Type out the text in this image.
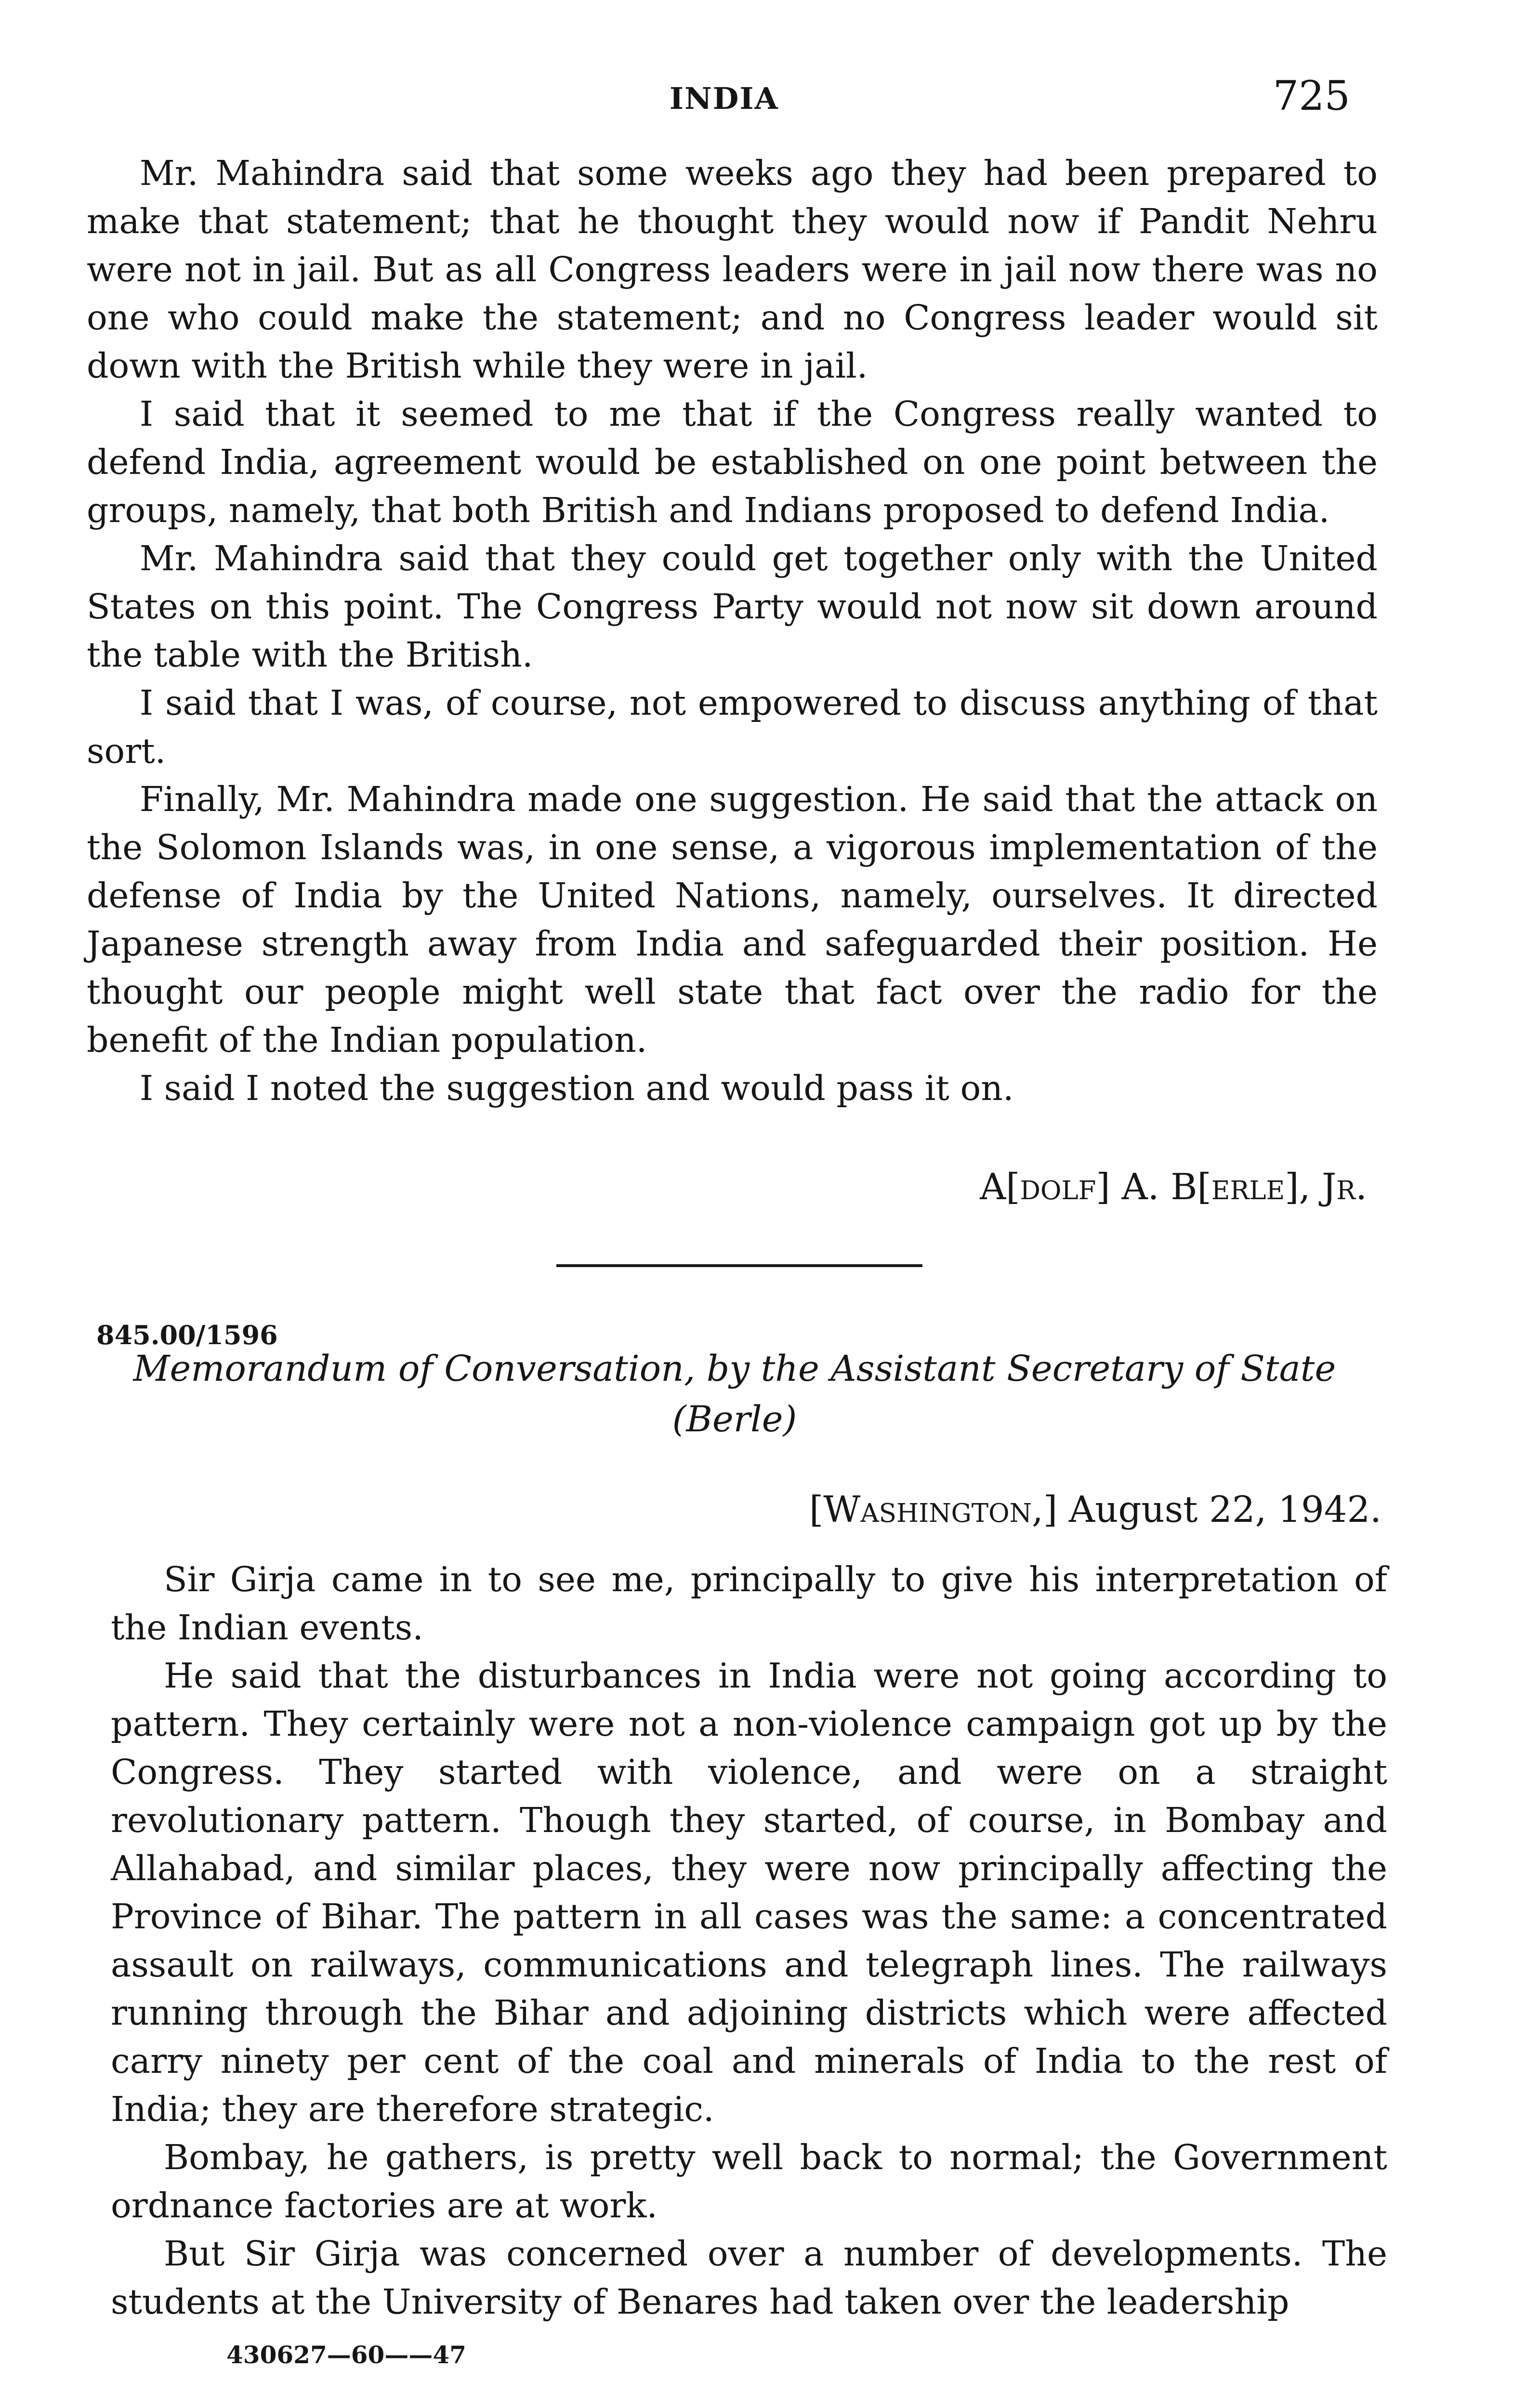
INDIA	725

Mr. Mahindra said that some weeks ago they had been prepared to make that statement; that he thought they would now if Pandit Nehru were not in jail. But as all Congress leaders were in jail now there was no one who could make the statement; and no Congress leader would sit down with the British while they were in jail.

I said that it seemed to me that if the Congress really wanted to defend India, agreement would be established on one point between the groups, namely, that both British and Indians proposed to defend India.

Mr. Mahindra said that they could get together only with the United States on this point. The Congress Party would not now sit down around the table with the British.

I said that I was, of course, not empowered to discuss anything of that sort.

Finally, Mr. Mahindra made one suggestion. He said that the attack on the Solomon Islands was, in one sense, a vigorous implementation of the defense of India by the United Nations, namely, ourselves. It directed Japanese strength away from India and safeguarded their position. He thought our people might well state that fact over the radio for the benefit of the Indian population.

I said I noted the suggestion and would pass it on.

A[dolf] A. B[erle], Jr.
845.00/1596
Memorandum of Conversation, by the Assistant Secretary of State
(Berle)
[Washington,] August 22, 1942.

Sir Girja came in to see me, principally to give his interpretation of the Indian events.

He said that the disturbances in India were not going according to pattern. They certainly were not a non-violence campaign got up by the Congress. They started with violence, and were on a straight revolutionary pattern. Though they started, of course, in Bombay and Allahabad, and similar places, they were now principally affecting the Province of Bihar. The pattern in all cases was the same: a concentrated assault on railways, communications and telegraph lines. The railways running through the Bihar and adjoining districts which were affected carry ninety per cent of the coal and minerals of India to the rest of India; they are therefore strategic.

Bombay, he gathers, is pretty well back to normal; the Government ordnance factories are at work.

But Sir Girja was concerned over a number of developments. The students at the University of Benares had taken over the leadership

430627—60——47
